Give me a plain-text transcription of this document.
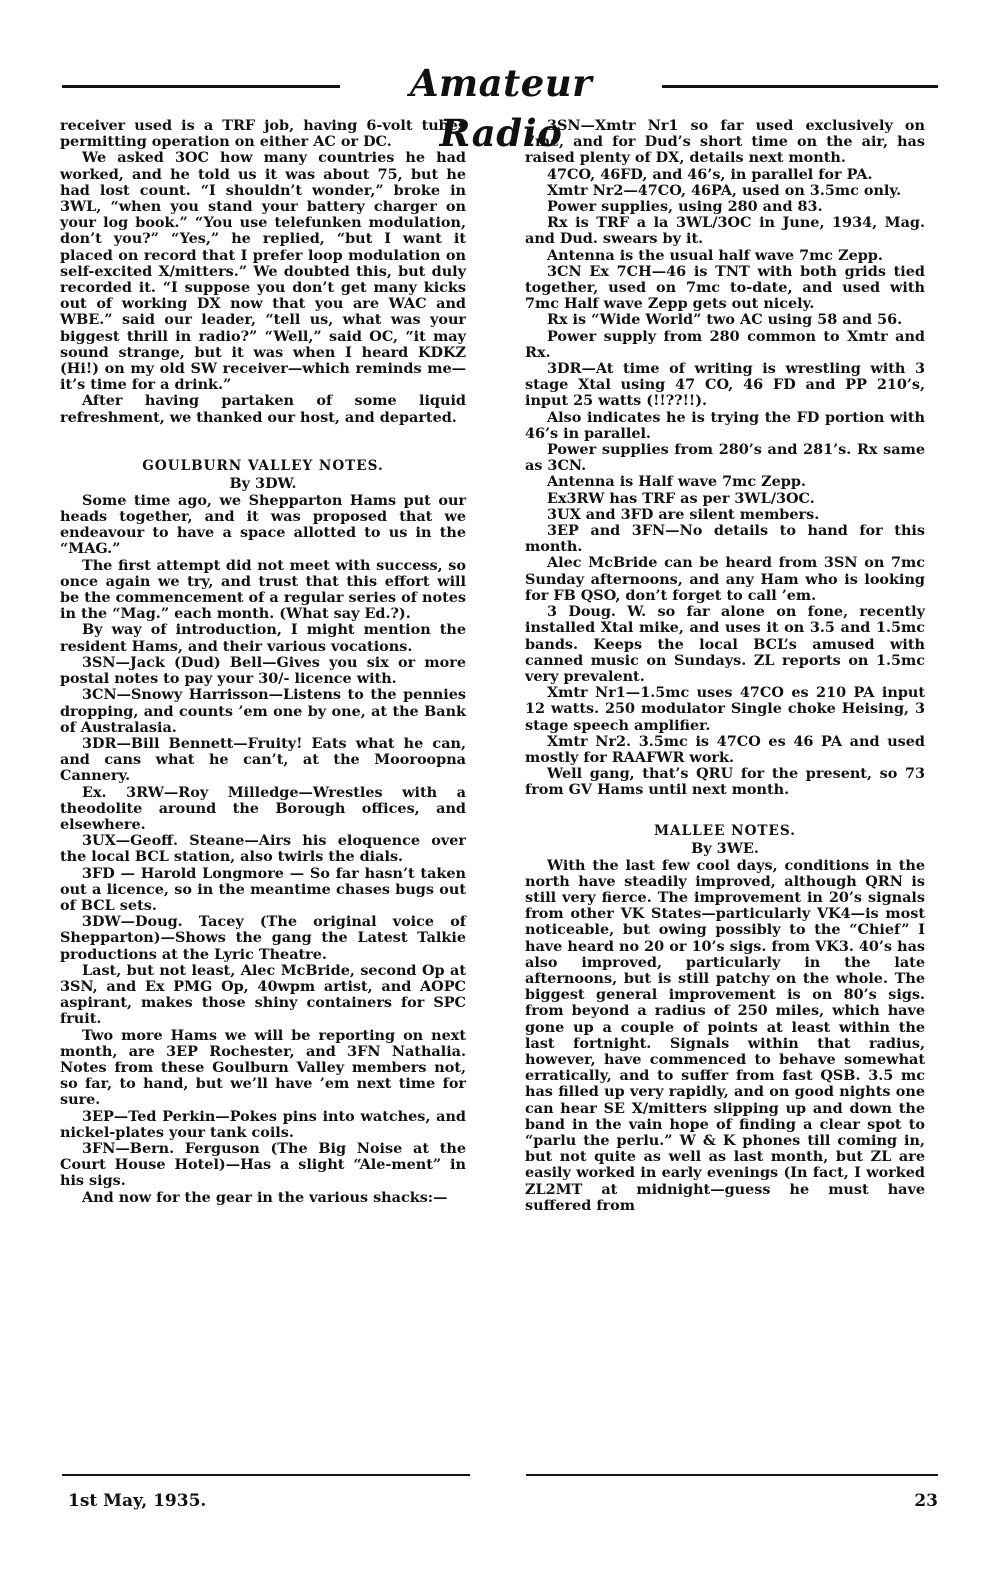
Amateur Radio

receiver used is a TRF job, having 6-volt tubes permitting operation on either AC or DC.

We asked 3OC how many countries he had worked, and he told us it was about 75, but he had lost count. “I shouldn’t wonder,” broke in 3WL, “when you stand your battery charger on your log book.” “You use telefunken modulation, don’t you?” “Yes,” he replied, “but I want it placed on record that I prefer loop modulation on self-excited X/mitters.” We doubted this, but duly recorded it. “I suppose you don’t get many kicks out of working DX now that you are WAC and WBE.” said our leader, “tell us, what was your biggest thrill in radio?” “Well,” said OC, “it may sound strange, but it was when I heard KDKZ (Hi!) on my old SW receiver—which reminds me—it’s time for a drink.”

After having partaken of some liquid refreshment, we thanked our host, and departed.

GOULBURN VALLEY NOTES.
By 3DW.

Some time ago, we Shepparton Hams put our heads together, and it was proposed that we endeavour to have a space allotted to us in the “MAG.”

The first attempt did not meet with success, so once again we try, and trust that this effort will be the commencement of a regular series of notes in the “Mag.” each month. (What say Ed.?).

By way of introduction, I might mention the resident Hams, and their various vocations.

3SN—Jack (Dud) Bell—Gives you six or more postal notes to pay your 30/- licence with.

3CN—Snowy Harrisson—Listens to the pennies dropping, and counts ’em one by one, at the Bank of Australasia.

3DR—Bill Bennett—Fruity! Eats what he can, and cans what he can’t, at the Mooroopna Cannery.

Ex. 3RW—Roy Milledge—Wrestles with a theodolite around the Borough offices, and elsewhere.

3UX—Geoff. Steane—Airs his eloquence over the local BCL station, also twirls the dials.

3FD — Harold Longmore — So far hasn’t taken out a licence, so in the meantime chases bugs out of BCL sets.

3DW—Doug. Tacey (The original voice of Shepparton)—Shows the gang the Latest Talkie productions at the Lyric Theatre.

Last, but not least, Alec McBride, second Op at 3SN, and Ex PMG Op, 40wpm artist, and AOPC aspirant, makes those shiny containers for SPC fruit.

Two more Hams we will be reporting on next month, are 3EP Rochester, and 3FN Nathalia. Notes from these Goulburn Valley members not, so far, to hand, but we’ll have ’em next time for sure.

3EP—Ted Perkin—Pokes pins into watches, and nickel-plates your tank coils.

3FN—Bern. Ferguson (The Big Noise at the Court House Hotel)—Has a slight “Ale-ment” in his sigs.

And now for the gear in the various shacks:—

3SN—Xmtr Nr1 so far used exclusively on 7mc, and for Dud’s short time on the air, has raised plenty of DX, details next month.

47CO, 46FD, and 46’s, in parallel for PA.

Xmtr Nr2—47CO, 46PA, used on 3.5mc only.

Power supplies, using 280 and 83.

Rx is TRF a la 3WL/3OC in June, 1934, Mag. and Dud. swears by it.

Antenna is the usual half wave 7mc Zepp.

3CN Ex 7CH—46 is TNT with both grids tied together, used on 7mc to-date, and used with 7mc Half wave Zepp gets out nicely.

Rx is “Wide World” two AC using 58 and 56.

Power supply from 280 common to Xmtr and Rx.

3DR—At time of writing is wrestling with 3 stage Xtal using 47 CO, 46 FD and PP 210’s, input 25 watts (!!??!!).

Also indicates he is trying the FD portion with 46’s in parallel.

Power supplies from 280’s and 281’s. Rx same as 3CN.

Antenna is Half wave 7mc Zepp.

Ex3RW has TRF as per 3WL/3OC.

3UX and 3FD are silent members.

3EP and 3FN—No details to hand for this month.

Alec McBride can be heard from 3SN on 7mc Sunday afternoons, and any Ham who is looking for FB QSO, don’t forget to call ’em.

3 Doug. W. so far alone on fone, recently installed Xtal mike, and uses it on 3.5 and 1.5mc bands. Keeps the local BCL’s amused with canned music on Sundays. ZL reports on 1.5mc very prevalent.

Xmtr Nr1—1.5mc uses 47CO es 210 PA input 12 watts. 250 modulator Single choke Heising, 3 stage speech amplifier.

Xmtr Nr2. 3.5mc is 47CO es 46 PA and used mostly for RAAFWR work.

Well gang, that’s QRU for the present, so 73 from GV Hams until next month.

MALLEE NOTES.
By 3WE.

With the last few cool days, conditions in the north have steadily improved, although QRN is still very fierce. The improvement in 20’s signals from other VK States—particularly VK4—is most noticeable, but owing possibly to the “Chief” I have heard no 20 or 10’s sigs. from VK3. 40’s has also improved, particularly in the late afternoons, but is still patchy on the whole. The biggest general improvement is on 80’s sigs. from beyond a radius of 250 miles, which have gone up a couple of points at least within the last fortnight. Signals within that radius, however, have commenced to behave somewhat erratically, and to suffer from fast QSB. 3.5 mc has filled up very rapidly, and on good nights one can hear SE X/mitters slipping up and down the band in the vain hope of finding a clear spot to “parlu the perlu.” W & K phones till coming in, but not quite as well as last month, but ZL are easily worked in early evenings (In fact, I worked ZL2MT at midnight—guess he must have suffered from

1st May, 1935.	23
